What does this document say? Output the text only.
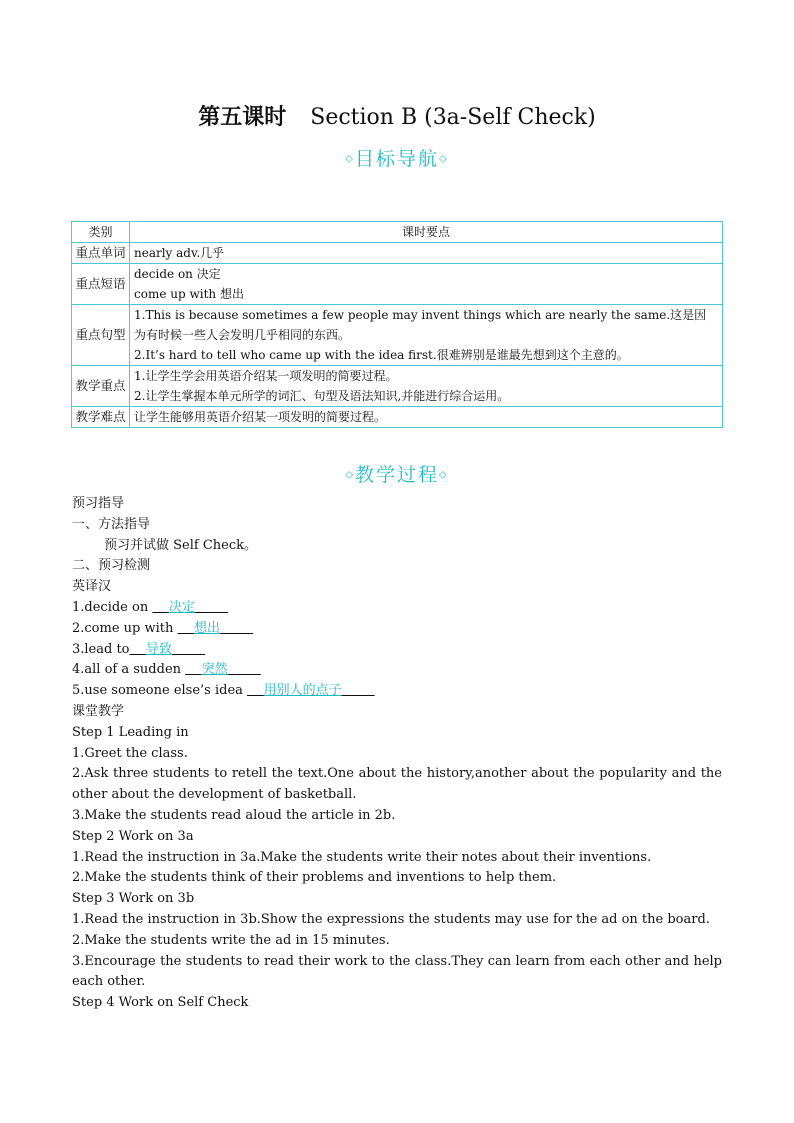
第五课时 Section B (3a-Self Check)
◇目标导航◇
类别	课时要点
重点单词	nearly adv.几乎

重点短语	decide on 决定
come up with 想出

重点句型	1.This is because sometimes a few people may invent things which are nearly the same.这是因为有时候一些人会发明几乎相同的东西。
2.It’s hard to tell who came up with the idea first.很难辨别是谁最先想到这个主意的。

教学重点	1.让学生学会用英语介绍某一项发明的简要过程。
2.让学生掌握本单元所学的词汇、句型及语法知识,并能进行综合运用。

教学难点	让学生能够用英语介绍某一项发明的简要过程。
◇教学过程◇
预习指导
一、方法指导
预习并试做 Self Check。
二、预习检测
英译汉
1.decide on     决定
2.come up with     想出
3.lead to 导致
4.all of a sudden     突然
5.use someone else’s idea     用别人的点子
课堂教学
Step 1 Leading in
1.Greet the class.
2.Ask three students to retell the text.One about the history,another about the popularity and the other about the development of basketball.
3.Make the students read aloud the article in 2b.
Step 2 Work on 3a
1.Read the instruction in 3a.Make the students write their notes about their inventions.
2.Make the students think of their problems and inventions to help them.
Step 3 Work on 3b
1.Read the instruction in 3b.Show the expressions the students may use for the ad on the board.
2.Make the students write the ad in 15 minutes.
3.Encourage the students to read their work to the class.They can learn from each other and help each other.
Step 4 Work on Self Check
